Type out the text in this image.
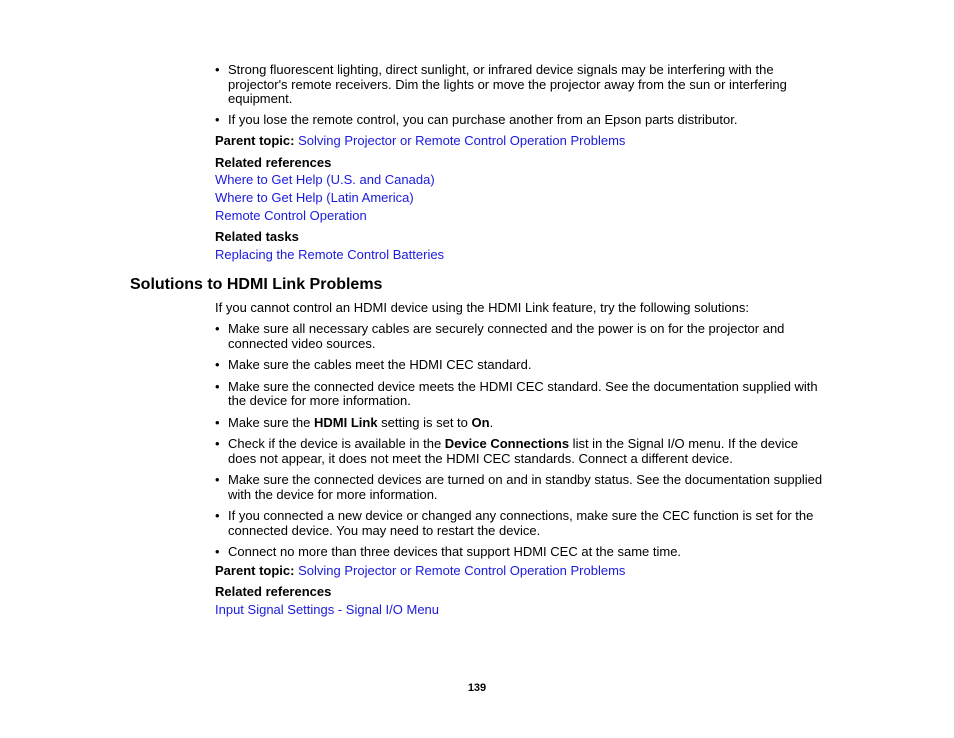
• Strong fluorescent lighting, direct sunlight, or infrared device signals may be interfering with the projector's remote receivers. Dim the lights or move the projector away from the sun or interfering equipment.
• If you lose the remote control, you can purchase another from an Epson parts distributor.
Parent topic: Solving Projector or Remote Control Operation Problems
Related references
Where to Get Help (U.S. and Canada)
Where to Get Help (Latin America)
Remote Control Operation
Related tasks
Replacing the Remote Control Batteries
Solutions to HDMI Link Problems
If you cannot control an HDMI device using the HDMI Link feature, try the following solutions:
• Make sure all necessary cables are securely connected and the power is on for the projector and connected video sources.
• Make sure the cables meet the HDMI CEC standard.
• Make sure the connected device meets the HDMI CEC standard. See the documentation supplied with the device for more information.
• Make sure the HDMI Link setting is set to On.
• Check if the device is available in the Device Connections list in the Signal I/O menu. If the device does not appear, it does not meet the HDMI CEC standards. Connect a different device.
• Make sure the connected devices are turned on and in standby status. See the documentation supplied with the device for more information.
• If you connected a new device or changed any connections, make sure the CEC function is set for the connected device. You may need to restart the device.
• Connect no more than three devices that support HDMI CEC at the same time.
Parent topic: Solving Projector or Remote Control Operation Problems
Related references
Input Signal Settings - Signal I/O Menu
139
